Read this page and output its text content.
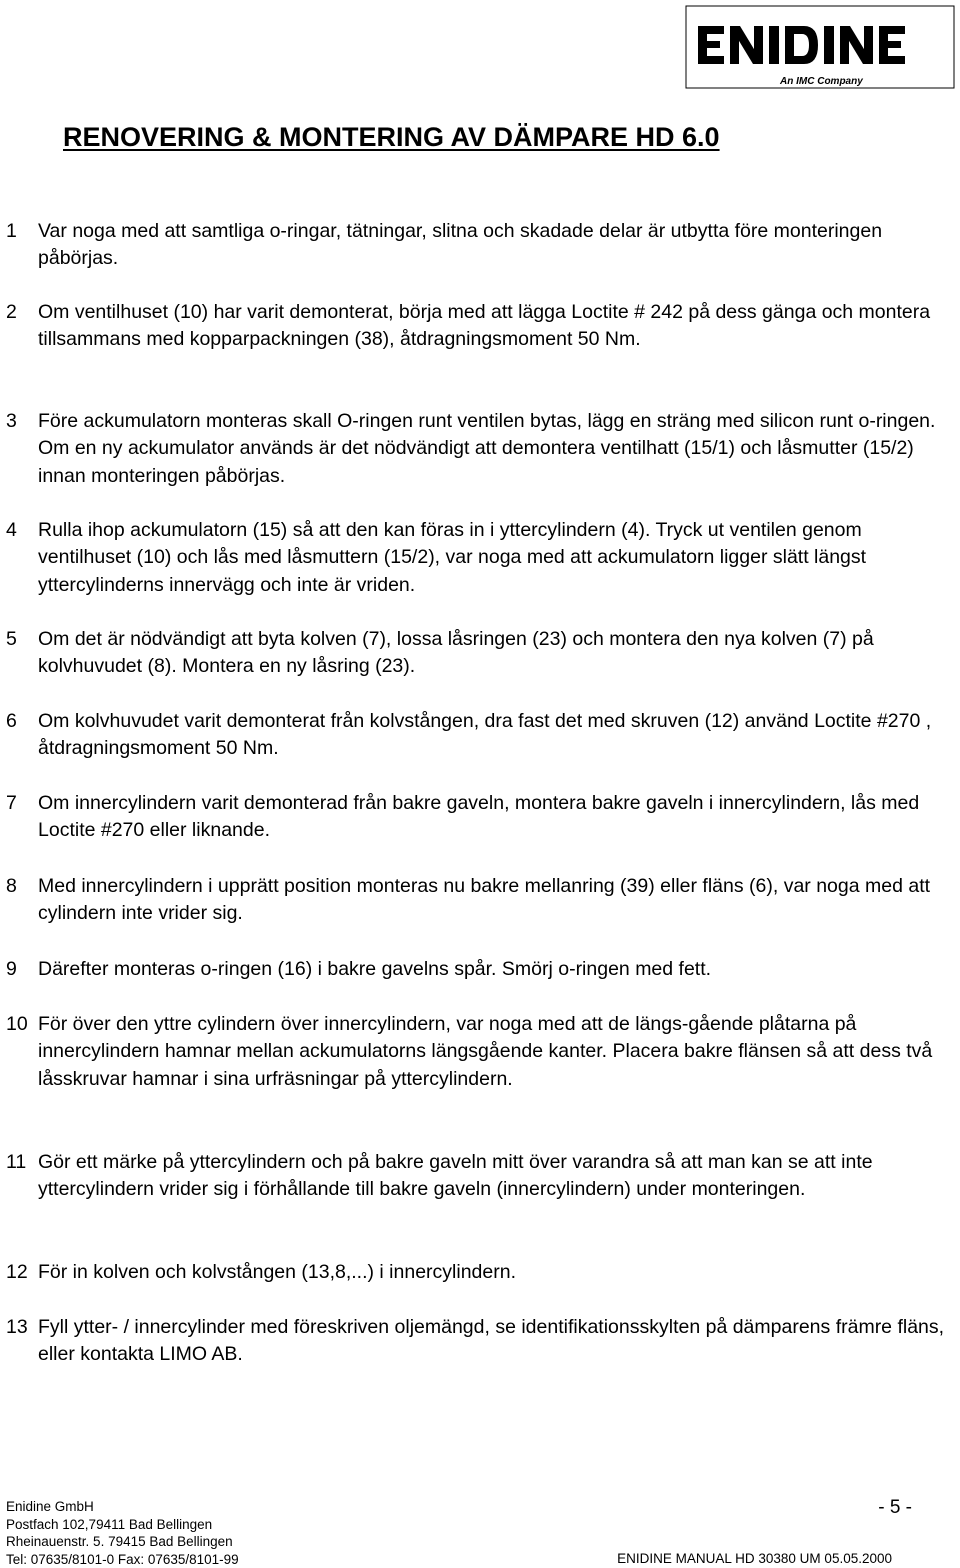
An IMC Company
RENOVERING & MONTERING AV DÄMPARE HD 6.0
1 Var noga med att samtliga o-ringar, tätningar, slitna och skadade delar är utbytta före monteringen påbörjas.
2 Om ventilhuset (10) har varit demonterat, börja med att lägga Loctite # 242 på dess gänga och montera tillsammans med kopparpackningen (38), åtdragningsmoment 50 Nm.
3 Före ackumulatorn monteras skall O-ringen runt ventilen bytas, lägg en sträng med silicon runt o-ringen. Om en ny ackumulator används är det nödvändigt att demontera ventilhatt (15/1) och låsmutter (15/2) innan monteringen påbörjas.
4 Rulla ihop ackumulatorn (15) så att den kan föras in i yttercylindern (4). Tryck ut ventilen genom ventilhuset (10) och lås med låsmuttern (15/2), var noga med att ackumulatorn ligger slätt längst yttercylinderns innervägg och inte är vriden.
5 Om det är nödvändigt att byta kolven (7), lossa låsringen (23) och montera den nya kolven (7) på kolvhuvudet (8). Montera en ny låsring (23).
6 Om kolvhuvudet varit demonterat från kolvstången, dra fast det med skruven (12) använd Loctite #270 , åtdragningsmoment 50 Nm.
7 Om innercylindern varit demonterad från bakre gaveln, montera bakre gaveln i innercylindern, lås med Loctite #270 eller liknande.
8 Med innercylindern i upprätt position monteras nu bakre mellanring (39) eller fläns (6), var noga med att cylindern inte vrider sig.
9 Därefter monteras o-ringen (16) i bakre gavelns spår. Smörj o-ringen med fett.
10 För över den yttre cylindern över innercylindern, var noga med att de längs-gående plåtarna på innercylindern hamnar mellan ackumulatorns längsgående kanter. Placera bakre flänsen så att dess två låsskruvar hamnar i sina urfräsningar på yttercylindern.
11 Gör ett märke på yttercylindern och på bakre gaveln mitt över varandra så att man kan se att inte yttercylindern vrider sig i förhållande till bakre gaveln (innercylindern) under monteringen.
12 För in kolven och kolvstången (13,8,...) i innercylindern.
13 Fyll ytter- / innercylinder med föreskriven oljemängd, se identifikationsskylten på dämparens främre fläns, eller kontakta LIMO AB.
Enidine GmbH
Postfach 102,79411 Bad Bellingen
Rheinauenstr. 5. 79415 Bad Bellingen
Tel: 07635/8101-0 Fax: 07635/8101-99
- 5 -
ENIDINE MANUAL HD 30380 UM 05.05.2000
